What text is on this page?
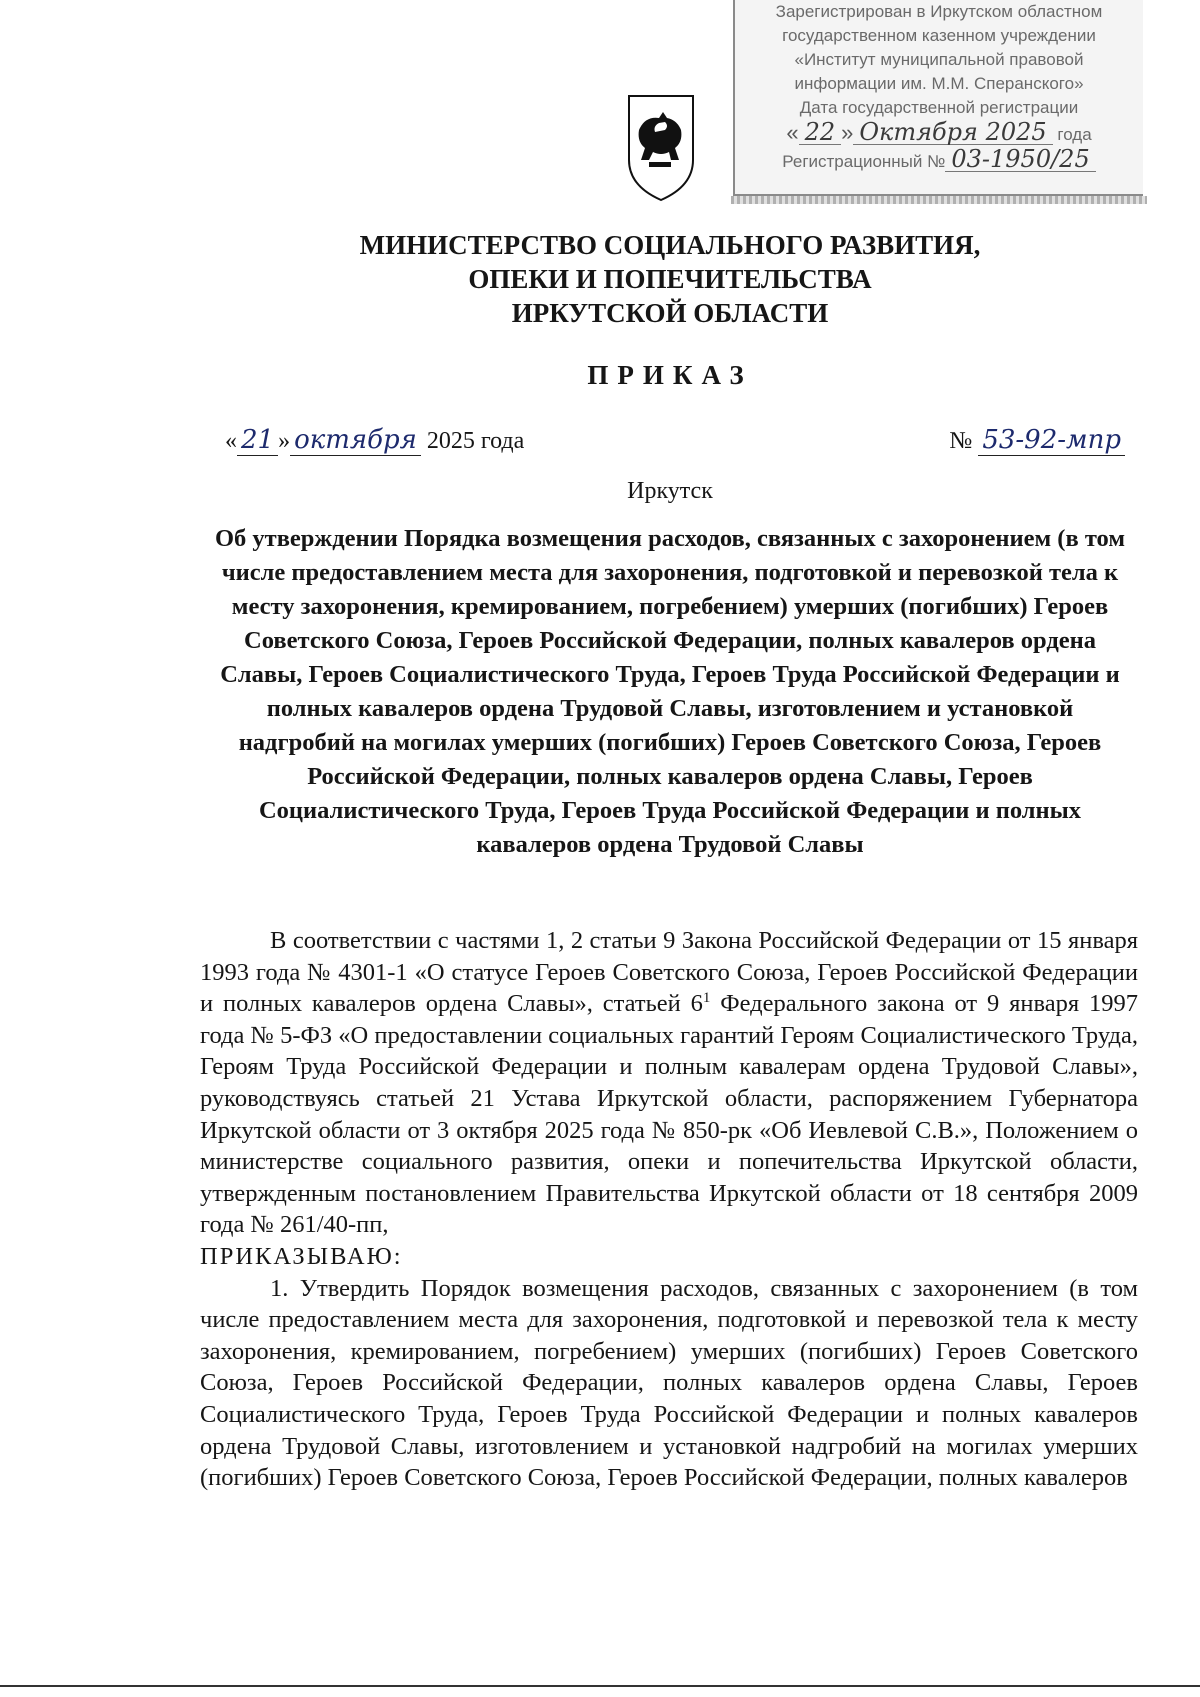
Зарегистрирован в Иркутском областном
государственном казенном учреждении
«Институт муниципальной правовой
информации им. М.М. Сперанского»
Дата государственной регистрации
« 22 » Октября 2025 года
Регистрационный № 03-1950/25
МИНИСТЕРСТВО СОЦИАЛЬНОГО РАЗВИТИЯ,
ОПЕКИ И ПОПЕЧИТЕЛЬСТВА
ИРКУТСКОЙ ОБЛАСТИ
ПРИКАЗ
« 21 » октября 2025 года	№ 53-92-мпр
Иркутск
Об утверждении Порядка возмещения расходов, связанных с захоронением (в том числе предоставлением места для захоронения, подготовкой и перевозкой тела к месту захоронения, кремированием, погребением) умерших (погибших) Героев Советского Союза, Героев Российской Федерации, полных кавалеров ордена Славы, Героев Социалистического Труда, Героев Труда Российской Федерации и полных кавалеров ордена Трудовой Славы, изготовлением и установкой надгробий на могилах умерших (погибших) Героев Советского Союза, Героев Российской Федерации, полных кавалеров ордена Славы, Героев Социалистического Труда, Героев Труда Российской Федерации и полных кавалеров ордена Трудовой Славы

В соответствии с частями 1, 2 статьи 9 Закона Российской Федерации от 15 января 1993 года № 4301-1 «О статусе Героев Советского Союза, Героев Российской Федерации и полных кавалеров ордена Славы», статьей $6^1$ Федерального закона от 9 января 1997 года № 5-ФЗ «О предоставлении социальных гарантий Героям Социалистического Труда, Героям Труда Российской Федерации и полным кавалерам ордена Трудовой Славы», руководствуясь статьей 21 Устава Иркутской области, распоряжением Губернатора Иркутской области от 3 октября 2025 года № 850-рк «Об Иевлевой С.В.», Положением о министерстве социального развития, опеки и попечительства Иркутской области, утвержденным постановлением Правительства Иркутской области от 18 сентября 2009 года № 261/40-пп,

ПРИКАЗЫВАЮ:

1. Утвердить Порядок возмещения расходов, связанных с захоронением (в том числе предоставлением места для захоронения, подготовкой и перевозкой тела к месту захоронения, кремированием, погребением) умерших (погибших) Героев Советского Союза, Героев Российской Федерации, полных кавалеров ордена Славы, Героев Социалистического Труда, Героев Труда Российской Федерации и полных кавалеров ордена Трудовой Славы, изготовлением и установкой надгробий на могилах умерших (погибших) Героев Советского Союза, Героев Российской Федерации, полных кавалеров
